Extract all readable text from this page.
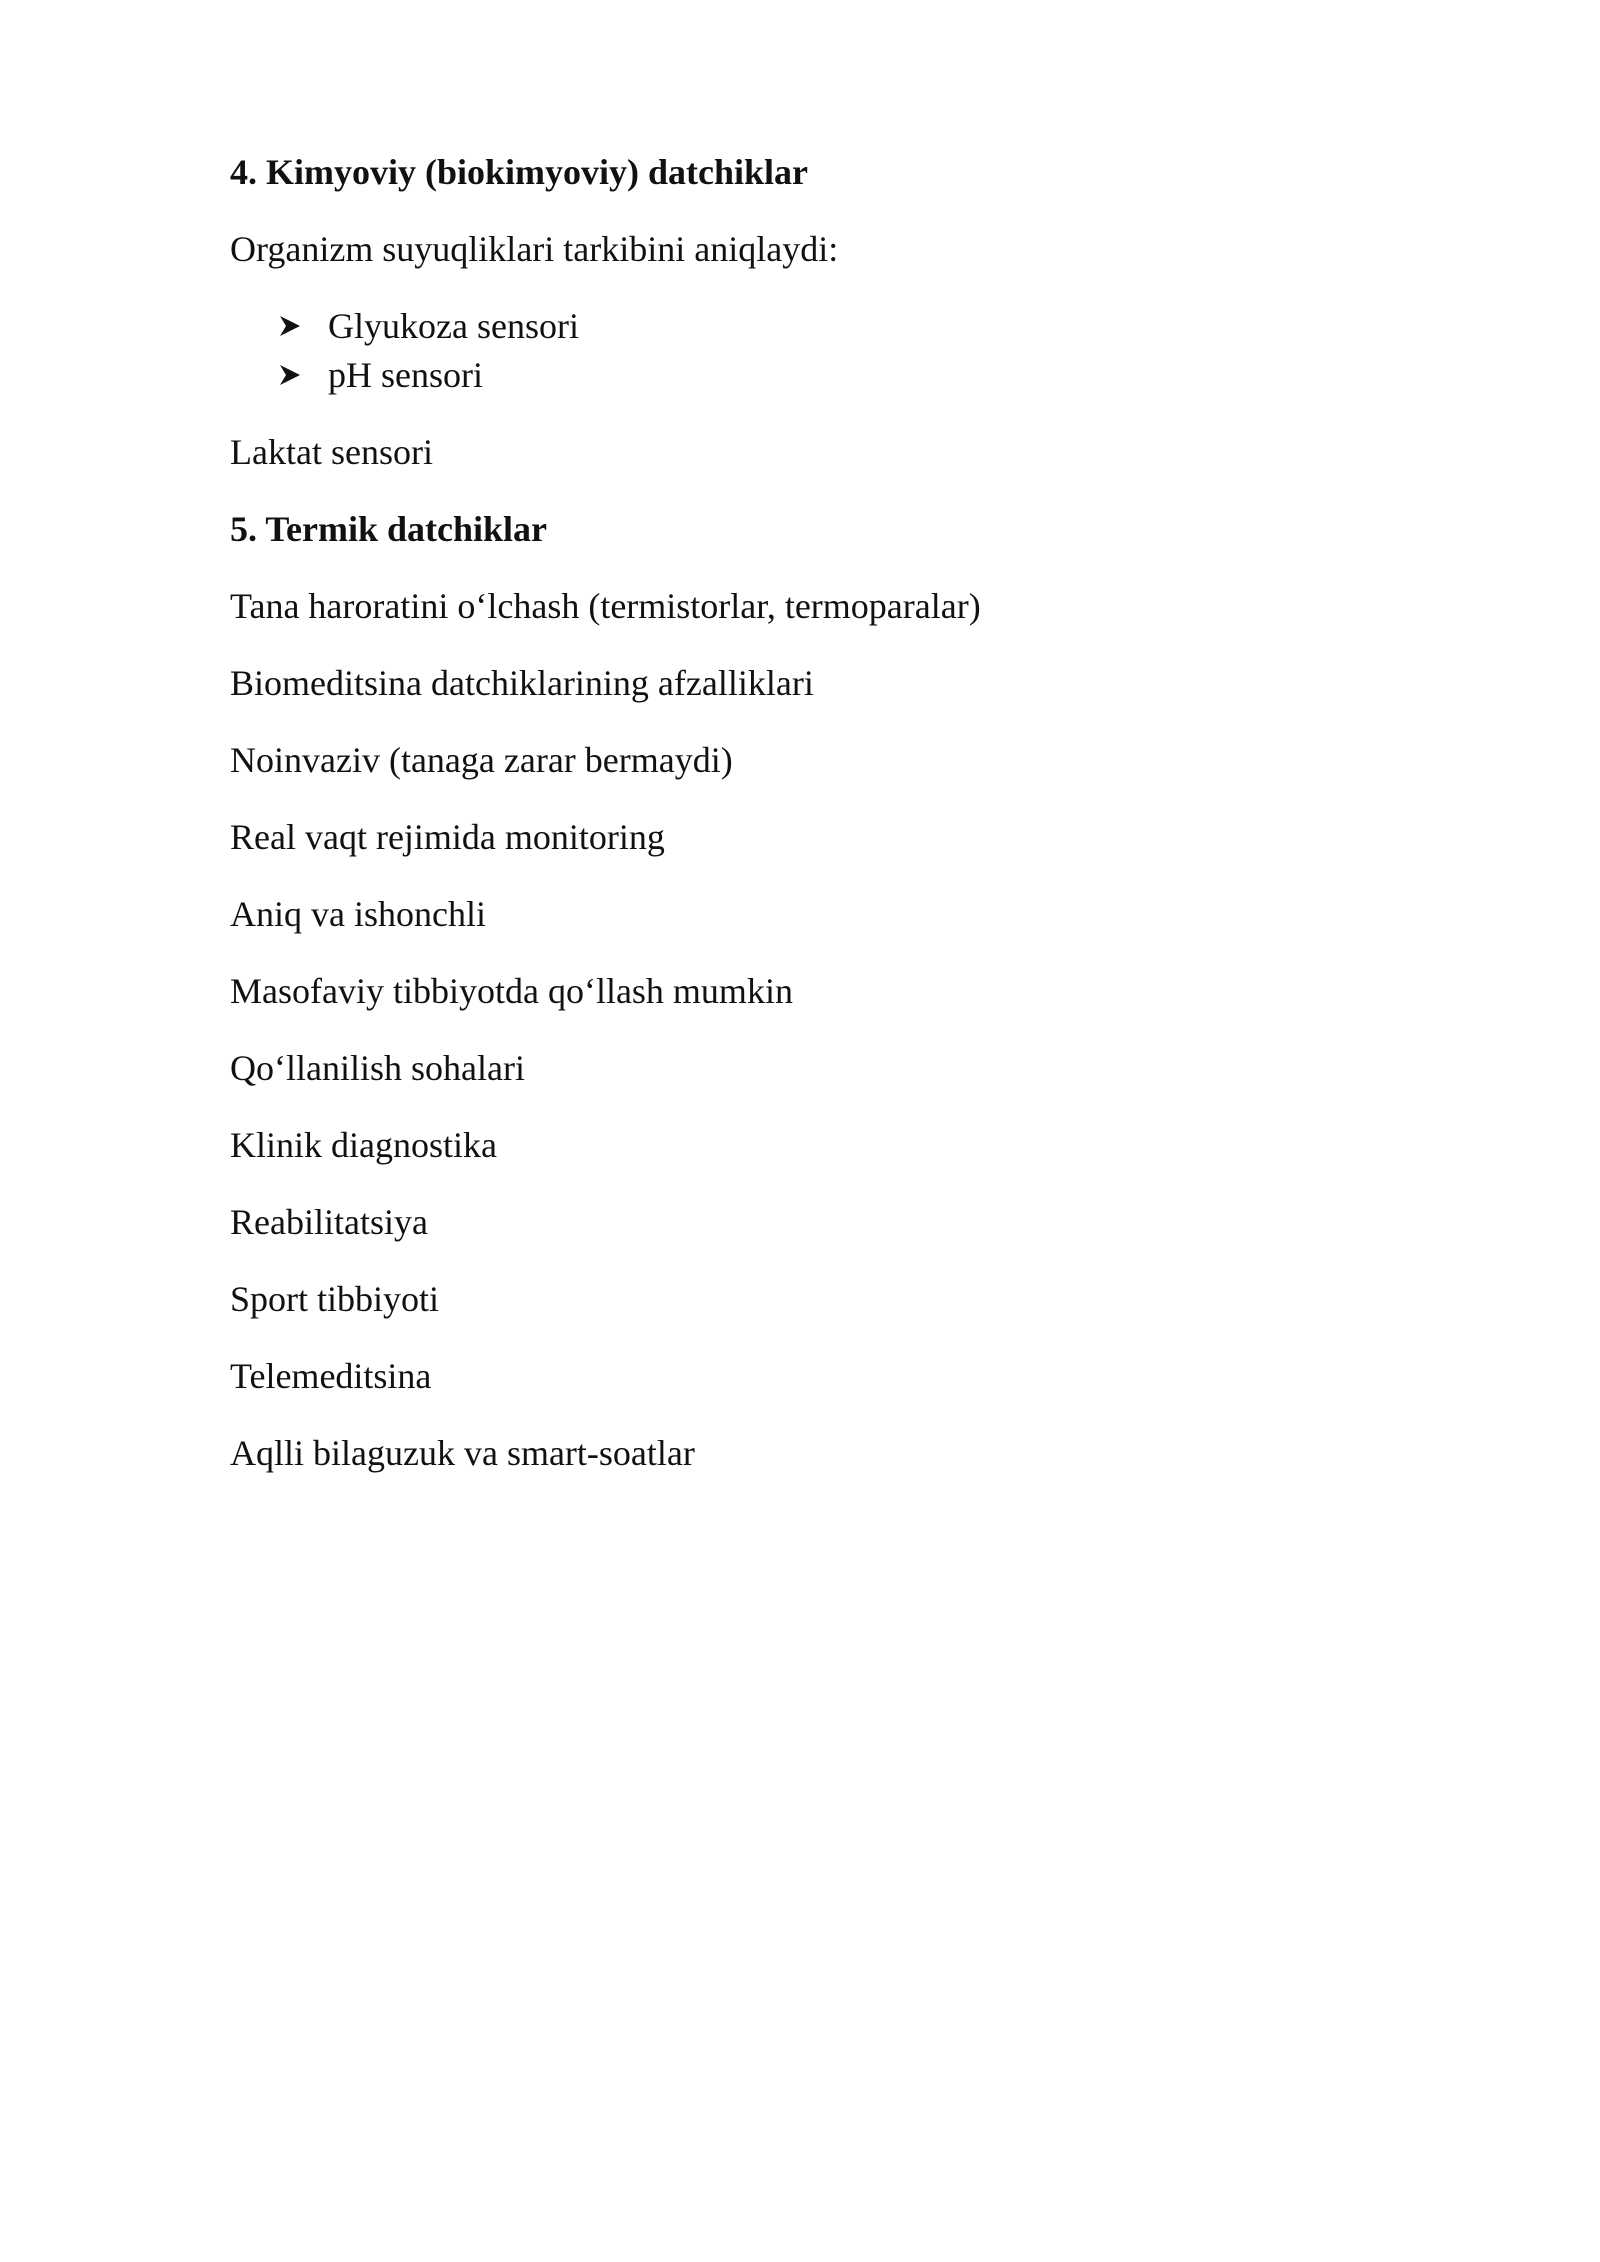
4. Kimyoviy (biokimyoviy) datchiklar

Organizm suyuqliklari tarkibini aniqlaydi:

Glyukoza sensori
pH sensori

Laktat sensori

5. Termik datchiklar

Tana haroratini o‘lchash (termistorlar, termoparalar)

Biomeditsina datchiklarining afzalliklari

Noinvaziv (tanaga zarar bermaydi)

Real vaqt rejimida monitoring

Aniq va ishonchli

Masofaviy tibbiyotda qo‘llash mumkin

Qo‘llanilish sohalari

Klinik diagnostika

Reabilitatsiya

Sport tibbiyoti

Telemeditsina

Aqlli bilaguzuk va smart-soatlar
